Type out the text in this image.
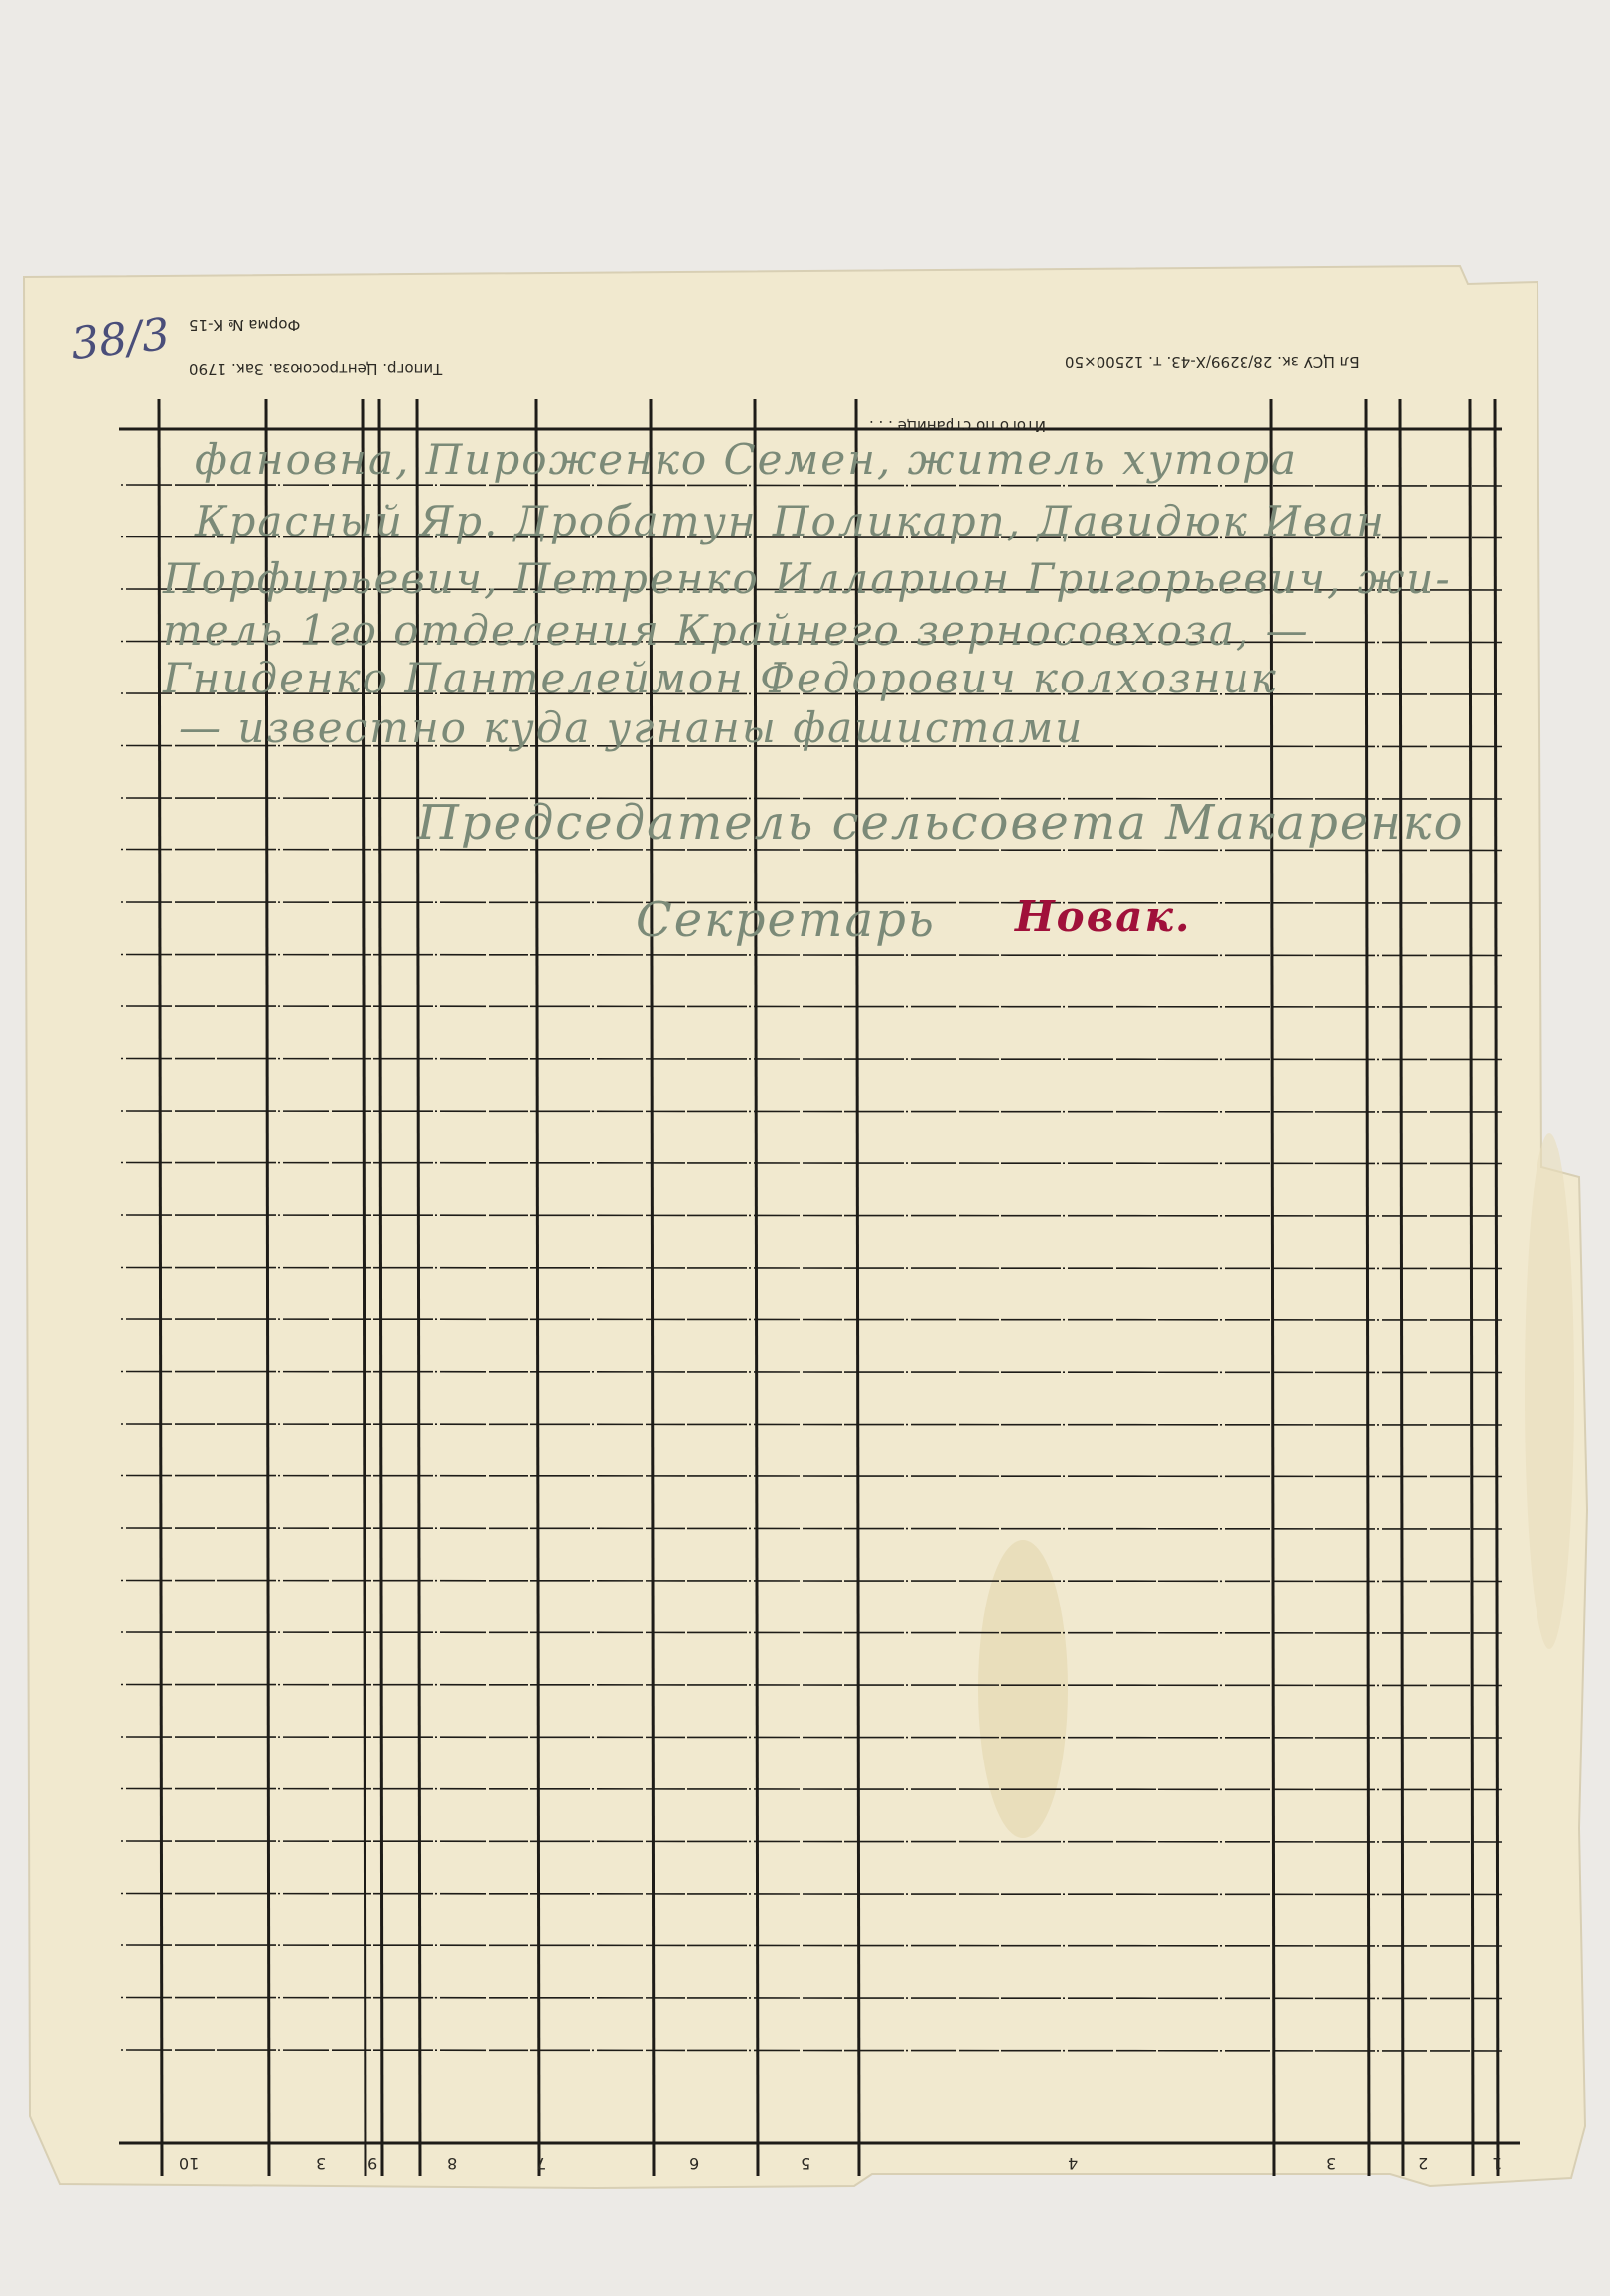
Форма № К-15
Типогр. Центросоюза. Зак. 1790	Бл ЦСУ зк. 28/3299/Х-43. т. 12500×50
Итого по странице . . .
38/3
1
2
3
4
5
6
7
8
9
3
10
фановна, Пироженко Семен, житель хутора
Красный Яр. Дробатун Поликарп, Давидюк Иван
Порфирьевич, Петренко Илларион Григорьевич, жи-
тель 1го отделения Крайнего зерносовхоза, —
Гниденко Пантелеймон Федорович колхозник
— известно куда угнаны фашистами
Председатель сельсовета Макаренко
Секретарь Новак.
